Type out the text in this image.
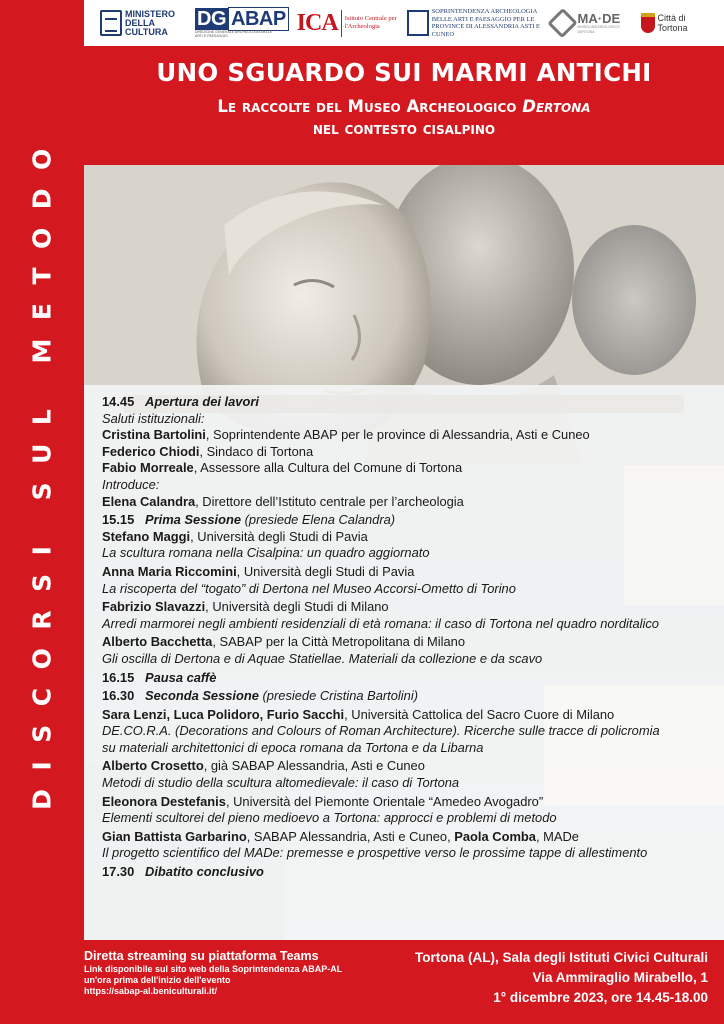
DISCORSI SUL METODO
MINISTERO DELLA CULTURA
DG ABAP
DIREZIONE GENERALE ARCHEOLOGIA BELLE ARTI E PAESAGGIO	ICA	Istituto Centrale per l'Archeologia
SOPRINTENDENZA ARCHEOLOGIA BELLE ARTI E PAESAGGIO PER LE PROVINCE DI ALESSANDRIA ASTI E CUNEO
MA·DE
MUSEO ARCHEOLOGICO DERTONA
Città di Tortona
UNO SGUARDO SUI MARMI ANTICHI
Le raccolte del Museo Archeologico Dertona
nel contesto cisalpino
14.45 Apertura dei lavori
Saluti istituzionali:
Cristina Bartolini, Soprintendente ABAP per le province di Alessandria, Asti e Cuneo
Federico Chiodi, Sindaco di Tortona
Fabio Morreale, Assessore alla Cultura del Comune di Tortona
Introduce:
Elena Calandra, Direttore dell’Istituto centrale per l’archeologia
15.15 Prima Sessione (presiede Elena Calandra)
Stefano Maggi, Università degli Studi di Pavia
La scultura romana nella Cisalpina: un quadro aggiornato
Anna Maria Riccomini, Università degli Studi di Pavia
La riscoperta del “togato” di Dertona nel Museo Accorsi-Ometto di Torino
Fabrizio Slavazzi, Università degli Studi di Milano
Arredi marmorei negli ambienti residenziali di età romana: il caso di Tortona nel quadro norditalico
Alberto Bacchetta, SABAP per la Città Metropolitana di Milano
Gli oscilla di Dertona e di Aquae Statiellae. Materiali da collezione e da scavo
16.15 Pausa caffè
16.30 Seconda Sessione (presiede Cristina Bartolini)
Sara Lenzi, Luca Polidoro, Furio Sacchi, Università Cattolica del Sacro Cuore di Milano
DE.CO.R.A. (Decorations and Colours of Roman Architecture). Ricerche sulle tracce di policromia
su materiali architettonici di epoca romana da Tortona e da Libarna
Alberto Crosetto, già SABAP Alessandria, Asti e Cuneo
Metodi di studio della scultura altomedievale: il caso di Tortona
Eleonora Destefanis, Università del Piemonte Orientale “Amedeo Avogadro”
Elementi scultorei del pieno medioevo a Tortona: approcci e problemi di metodo
Gian Battista Garbarino, SABAP Alessandria, Asti e Cuneo, Paola Comba, MADe
Il progetto scientifico del MADe: premesse e prospettive verso le prossime tappe di allestimento
17.30 Dibatito conclusivo
Diretta streaming su piattaforma Teams
Link disponibile sul sito web della Soprintendenza ABAP-AL
un'ora prima dell'inizio dell'evento
https://sabap-al.beniculturali.it/
Tortona (AL), Sala degli Istituti Civici Culturali
Via Ammiraglio Mirabello, 1
1° dicembre 2023, ore 14.45-18.00
